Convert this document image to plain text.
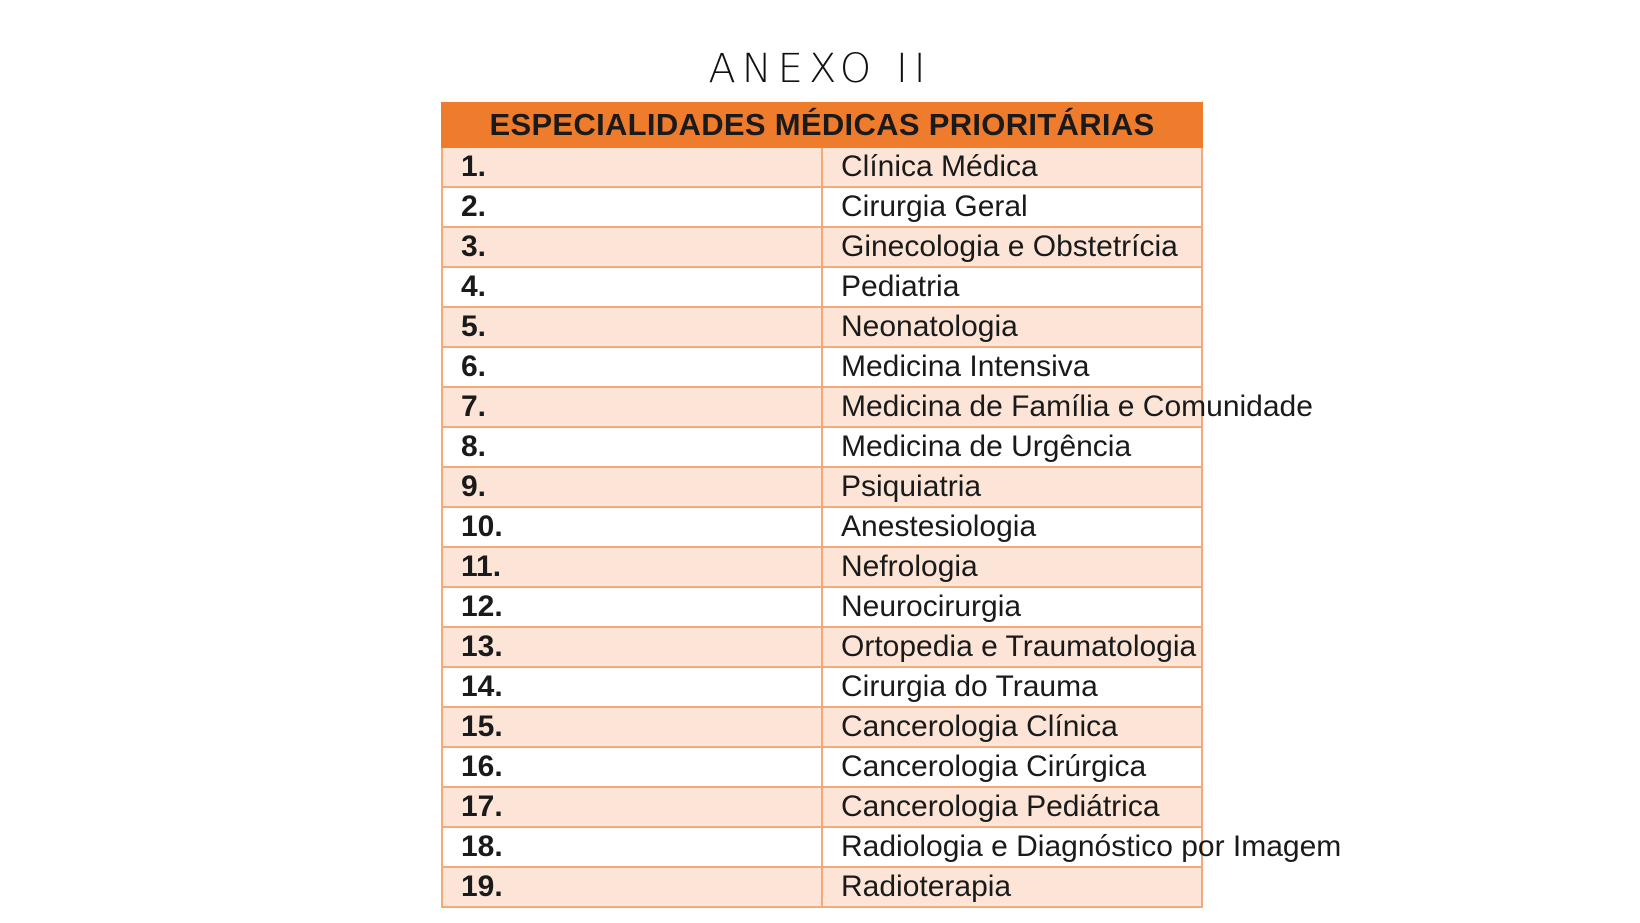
ANEXO II
ESPECIALIDADES MÉDICAS PRIORITÁRIAS	
1.	Clínica Médica
2.	Cirurgia Geral
3.	Ginecologia e Obstetrícia
4.	Pediatria
5.	Neonatologia
6.	Medicina Intensiva
7.	Medicina de Família e Comunidade
8.	Medicina de Urgência
9.	Psiquiatria
10.	Anestesiologia
11.	Nefrologia
12.	Neurocirurgia
13.	Ortopedia e Traumatologia
14.	Cirurgia do Trauma
15.	Cancerologia Clínica
16.	Cancerologia Cirúrgica
17.	Cancerologia Pediátrica
18.	Radiologia e Diagnóstico por Imagem
19.	Radioterapia
